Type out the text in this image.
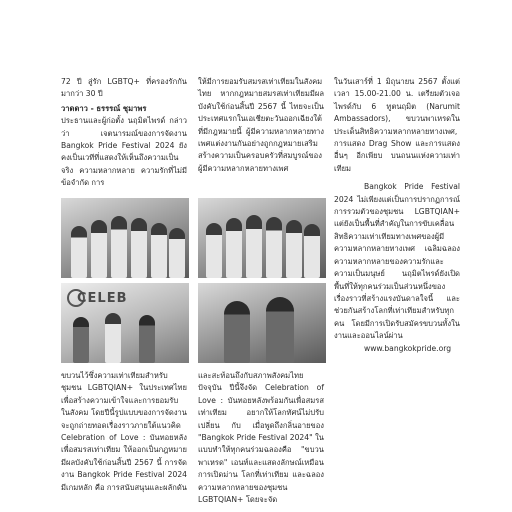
72 ปี สู่รัก LGBTQ+ ที่ครองรักกันมากว่า 30 ปี

วาดดาว - ธรรรณ์ ชุมาพร

ประธานและผู้ก่อตั้ง นฤมิตไพรด์ กล่าวว่า เจตนารมณ์ของการจัดงาน Bangkok Pride Festival 2024 ยังคงเป็นเวทีที่แสดงให้เห็นถึงความเป็นจริง ความหลากหลาย ความรักที่ไม่มีข้อจำกัด การ

ให้มีการยอมรับสมรสเท่าเทียมในสังคมไทย หากกฎหมายสมรสเท่าเทียมมีผลบังคับใช้ก่อนสิ้นปี 2567 นี้ ไทยจะเป็นประเทศแรกในเอเชียตะวันออกเฉียงใต้ที่มีกฎหมายนี้ ผู้มีความหลากหลายทางเพศแต่งงานกันอย่างถูกกฎหมายเสริมสร้างความเป็นครอบครัวที่สมบูรณ์ของผู้มีความหลากหลายทางเพศ

ในวันเสาร์ที่ 1 มิถุนายน 2567 ตั้งแต่เวลา 15.00-21.00 น. เตรียมตัวเจอไพรด์กับ 6 ทูตนฤมิต (Narumit Ambassadors), ขบวนพาเหรดในประเด็นสิทธิความหลากหลายทางเพศ, การแสดง Drag Show และการแสดงอื่นๆ อีกเพียบ บนถนนแห่งความเท่าเทียม

Bangkok Pride Festival 2024 ไม่เพียงแต่เป็นการปรากฏการณ์การรวมตัวของชุมชน LGBTQIAN+ แต่ยังเป็นพื้นที่สำคัญในการขับเคลื่อนสิทธิความเท่าเทียมทางเพศของผู้มีความหลากหลายทางเพศ เฉลิมฉลองความหลากหลายของความรักและความเป็นมนุษย์ นฤมิตไพรด์ยังเปิดพื้นที่ให้ทุกคนร่วมเป็นส่วนหนึ่งของเรื่องราวที่สร้างแรงบันดาลใจนี้ และช่วยกันสร้างโลกที่เท่าเทียมสำหรับทุกคน โดยมีการเปิดรับสมัครขบวนทั้งในงานและออนไลน์ผ่าน
www.bangkokpride.org

CELEB

ขบวนไว้ซึ่งความเท่าเทียมสำหรับชุมชน LGBTQIAN+ ในประเทศไทย เพื่อสร้างความเข้าใจและการยอมรับในสังคม โดยปีนี้รูปแบบของการจัดงานจะถูกถ่ายทอดเรื่องราวภายใต้แนวคิด Celebration of Love : บันทอยหลังเพื่อสมรสเท่าเทียม ให้ออกเป็นกฎหมายมีผลบังคับใช้ก่อนสิ้นปี 2567 นี้ การจัดงาน Bangkok Pride Festival 2024 มีเกมหลัก คือ การสนับสนุนและผลักดัน

และสะท้อนถึงกับสภาพสังคมไทยปัจจุบัน ปีนี้จึงจัด Celebration of Love : บันทอยหลังพร้อมกันเพื่อสมรสเท่าเทียม อยากให้โลกทัศน์ไม่ปรับเปลี่ยน กับ เมื่อพูดถึงกลิ่นอายของ "Bangkok Pride Festival 2024" ในแบบทำให้ทุกคนร่วมฉลองคือ "ขบวนพาเหรด" เอนท์และแสดงลักษณ์เหมือนการเปิดม่าน โลกที่เท่าเทียม และฉลองความหลากหลายของชุมชน LGBTQIAN+ โดยจะจัด
